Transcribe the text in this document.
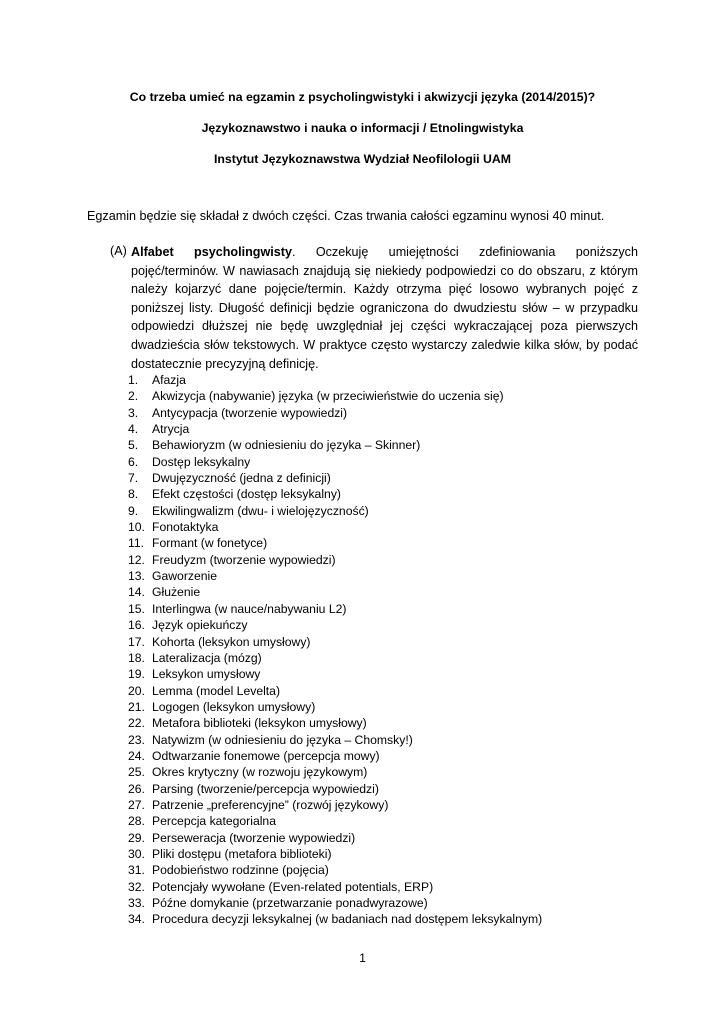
Co trzeba umieć na egzamin z psycholingwistyki i akwizycji języka (2014/2015)?
Językoznawstwo i nauka o informacji / Etnolingwistyka
Instytut Językoznawstwa Wydział Neofilologii UAM
Egzamin będzie się składał z dwóch części. Czas trwania całości egzaminu wynosi 40 minut.
(A) Alfabet psycholingwisty. Oczekuję umiejętności zdefiniowania poniższych pojęć/terminów. W nawiasach znajdują się niekiedy podpowiedzi co do obszaru, z którym należy kojarzyć dane pojęcie/termin. Każdy otrzyma pięć losowo wybranych pojęć z poniższej listy. Długość definicji będzie ograniczona do dwudziestu słów – w przypadku odpowiedzi dłuższej nie będę uwzględniał jej części wykraczającej poza pierwszych dwadzieścia słów tekstowych. W praktyce często wystarczy zaledwie kilka słów, by podać dostatecznie precyzyjną definicję.
1. Afazja
2. Akwizycja (nabywanie) języka (w przeciwieństwie do uczenia się)
3. Antycypacja (tworzenie wypowiedzi)
4. Atrycja
5. Behawioryzm (w odniesieniu do języka – Skinner)
6. Dostęp leksykalny
7. Dwujęzyczność (jedna z definicji)
8. Efekt częstości (dostęp leksykalny)
9. Ekwilingwalizm (dwu- i wielojęzyczność)
10. Fonotaktyka
11. Formant (w fonetyce)
12. Freudyzm (tworzenie wypowiedzi)
13. Gaworzenie
14. Głużenie
15. Interlingwa (w nauce/nabywaniu L2)
16. Język opiekuńczy
17. Kohorta (leksykon umysłowy)
18. Lateralizacja (mózg)
19. Leksykon umysłowy
20. Lemma (model Levelta)
21. Logogen (leksykon umysłowy)
22. Metafora biblioteki (leksykon umysłowy)
23. Natywizm (w odniesieniu do języka – Chomsky!)
24. Odtwarzanie fonemowe (percepcja mowy)
25. Okres krytyczny (w rozwoju językowym)
26. Parsing (tworzenie/percepcja wypowiedzi)
27. Patrzenie „preferencyjne” (rozwój językowy)
28. Percepcja kategorialna
29. Perseweracja (tworzenie wypowiedzi)
30. Pliki dostępu (metafora biblioteki)
31. Podobieństwo rodzinne (pojęcia)
32. Potencjały wywołane (Even-related potentials, ERP)
33. Późne domykanie (przetwarzanie ponadwyrazowe)
34. Procedura decyzji leksykalnej (w badaniach nad dostępem leksykalnym)
1
